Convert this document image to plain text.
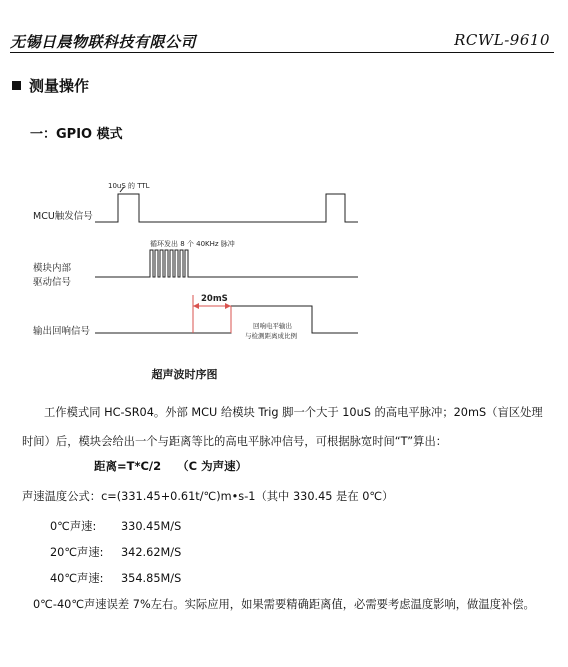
无锡日晨物联科技有限公司	RCWL-9610
测量操作
一：GPIO 模式
MCU触发信号
模块内部
驱动信号
输出回响信号
10uS 的 TTL
循环发出 8 个 40KHz 脉冲
20mS
回响电平输出
与检测距离成比例
超声波时序图
工作模式同 HC-SR04。外部 MCU 给模块 Trig 脚一个大于 10uS 的高电平脉冲；20mS（盲区处理时间）后，模块会给出一个与距离等比的高电平脉冲信号，可根据脉宽时间“T”算出：
距离=T*C/2 （C 为声速）
声速温度公式：c=(331.45+0.61t/℃)m•s-1（其中 330.45 是在 0℃）
0℃声速: 330.45M/S
20℃声速: 342.62M/S
40℃声速: 354.85M/S
0℃-40℃声速误差 7%左右。实际应用，如果需要精确距离值，必需要考虑温度影响，做温度补偿。
